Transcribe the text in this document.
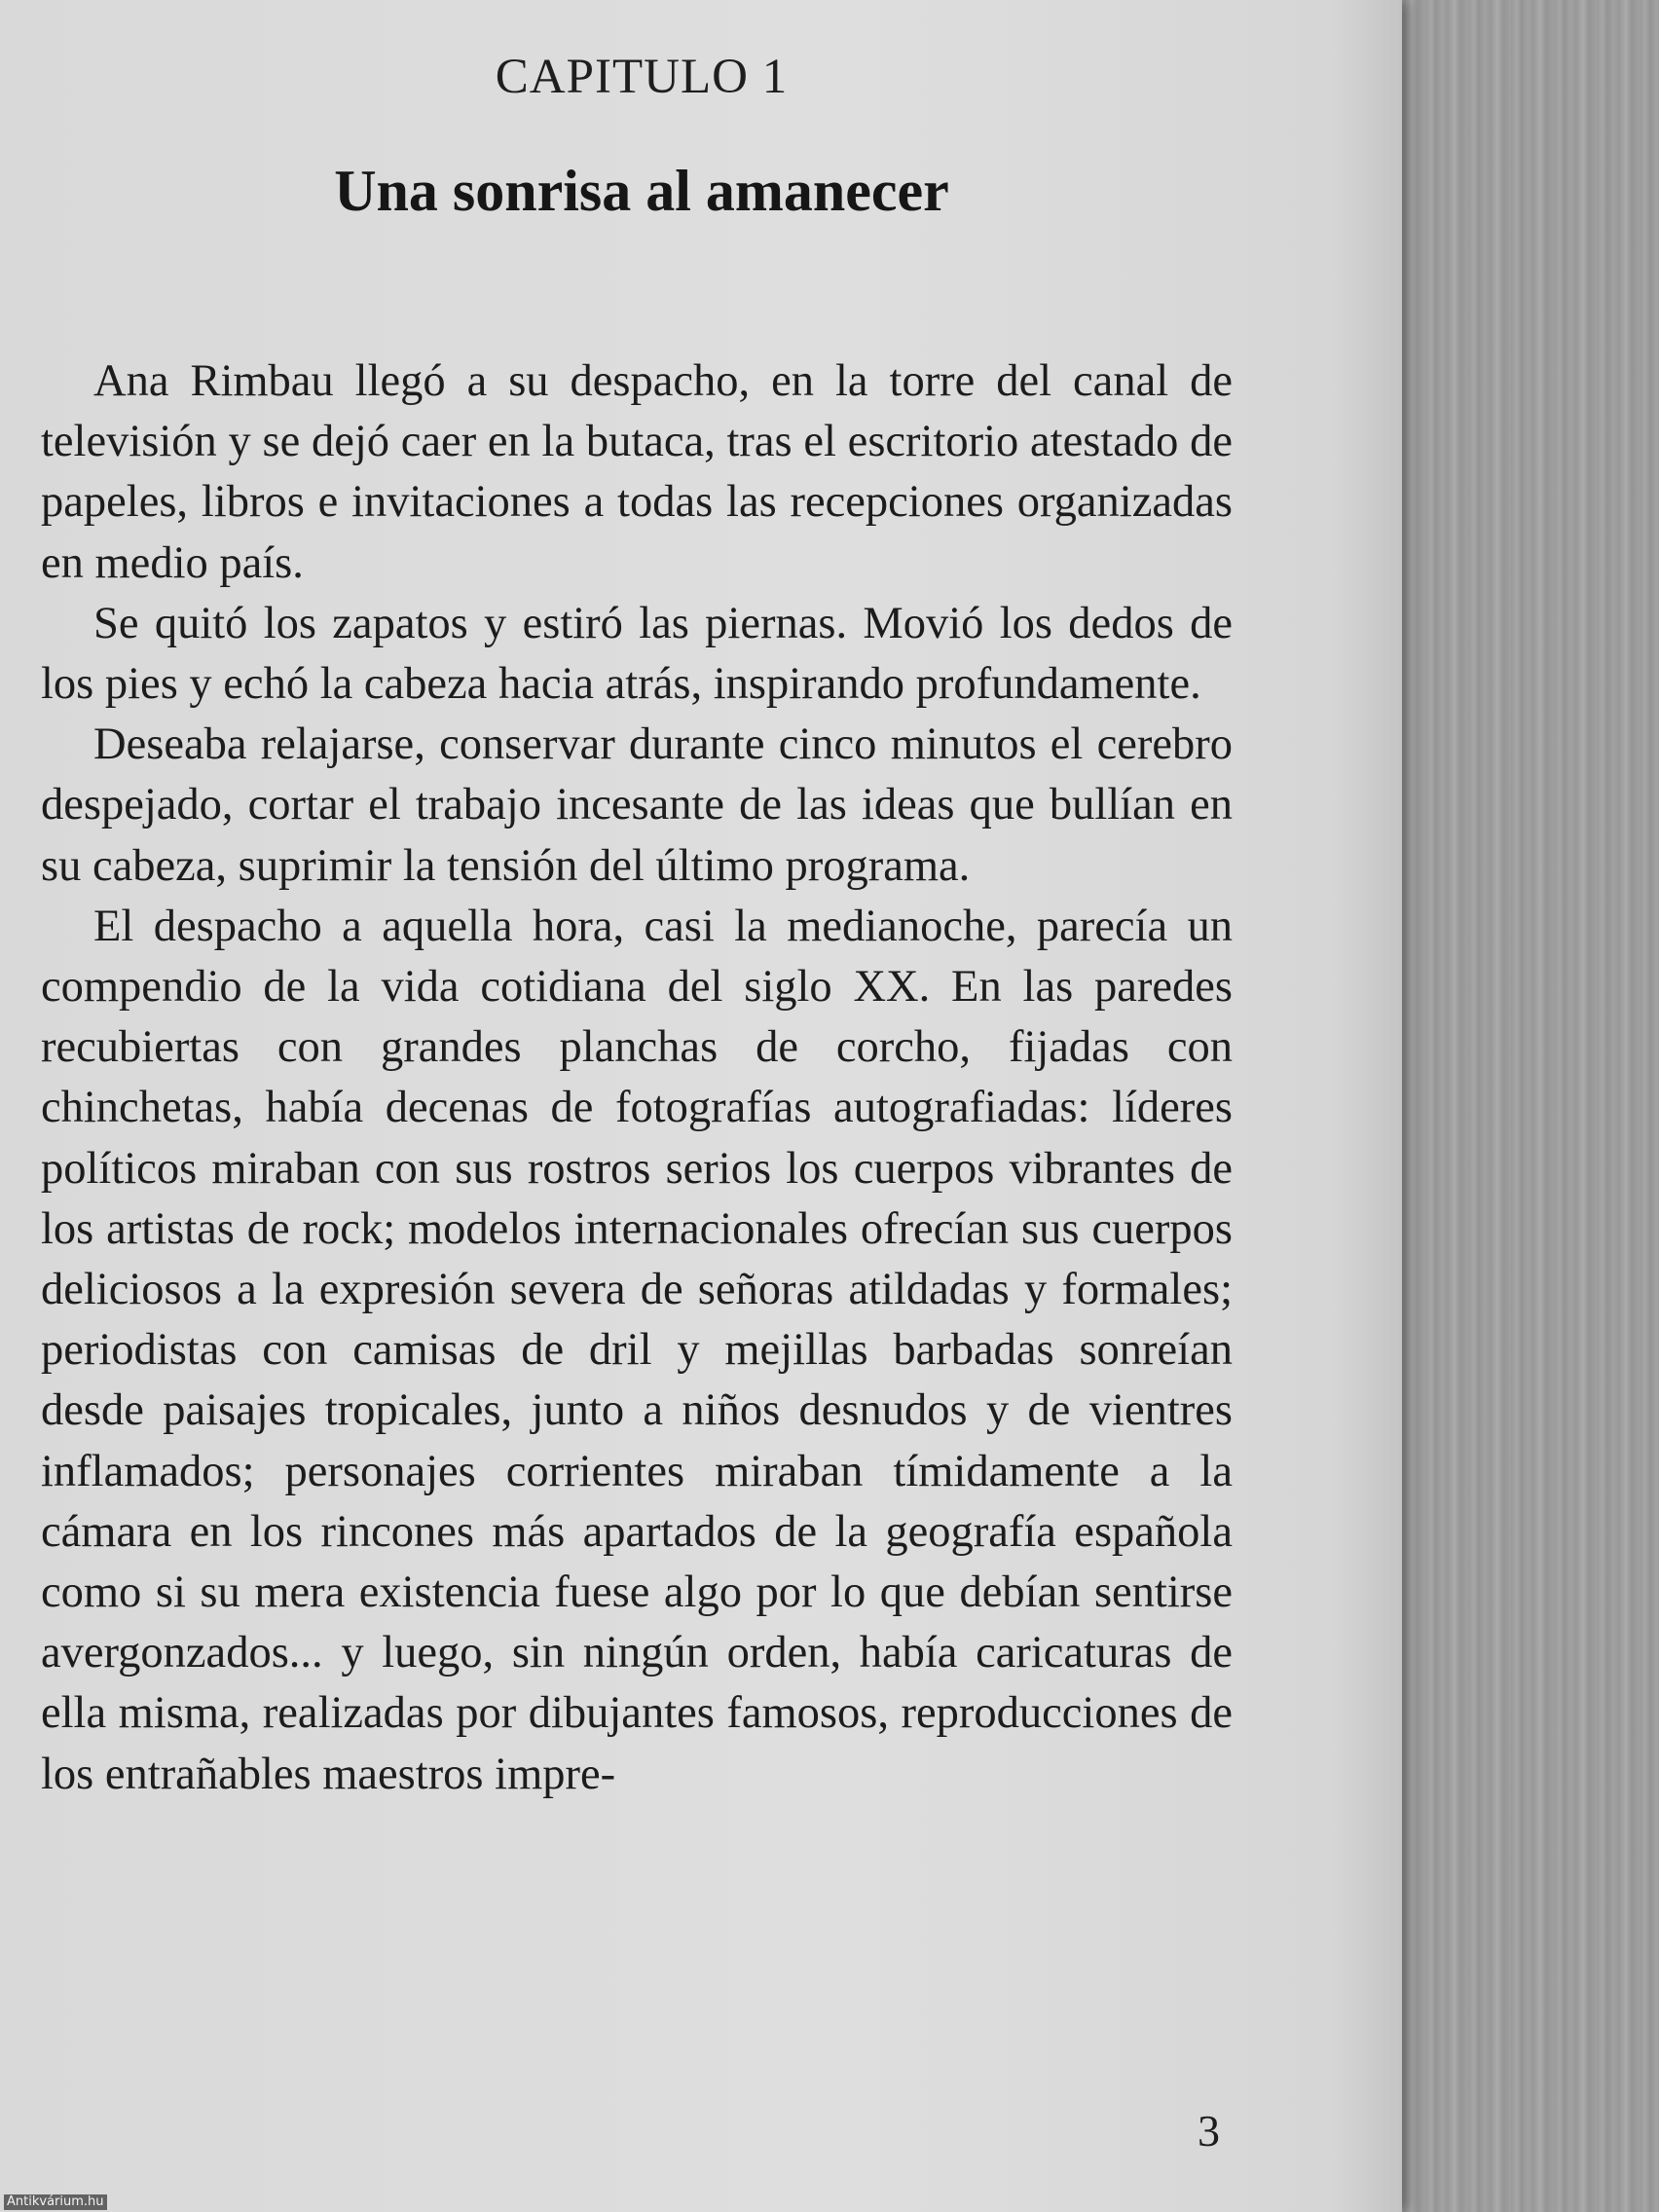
CAPITULO 1
Una sonrisa al amanecer

Ana Rimbau llegó a su despacho, en la torre del canal de televisión y se dejó caer en la butaca, tras el escritorio atestado de papeles, libros e invitaciones a todas las recepciones organizadas en medio país.

Se quitó los zapatos y estiró las piernas. Movió los dedos de los pies y echó la cabeza hacia atrás, inspirando profundamente.

Deseaba relajarse, conservar durante cinco minutos el cerebro despejado, cortar el trabajo incesante de las ideas que bullían en su cabeza, suprimir la tensión del último programa.

El despacho a aquella hora, casi la medianoche, parecía un compendio de la vida cotidiana del siglo XX. En las paredes recubiertas con grandes planchas de corcho, fijadas con chinchetas, había decenas de fotografías autografiadas: líderes políticos miraban con sus rostros serios los cuerpos vibrantes de los artistas de rock; modelos internacionales ofrecían sus cuerpos deliciosos a la expresión severa de señoras atildadas y formales; periodistas con camisas de dril y mejillas barbadas sonreían desde paisajes tropicales, junto a niños desnudos y de vientres inflamados; personajes corrientes miraban tímidamente a la cámara en los rincones más apartados de la geografía española como si su mera existencia fuese algo por lo que debían sentirse avergonzados... y luego, sin ningún orden, había caricaturas de ella misma, realizadas por dibujantes famosos, reproducciones de los entrañables maestros impre-

3
Antikvárium.hu
